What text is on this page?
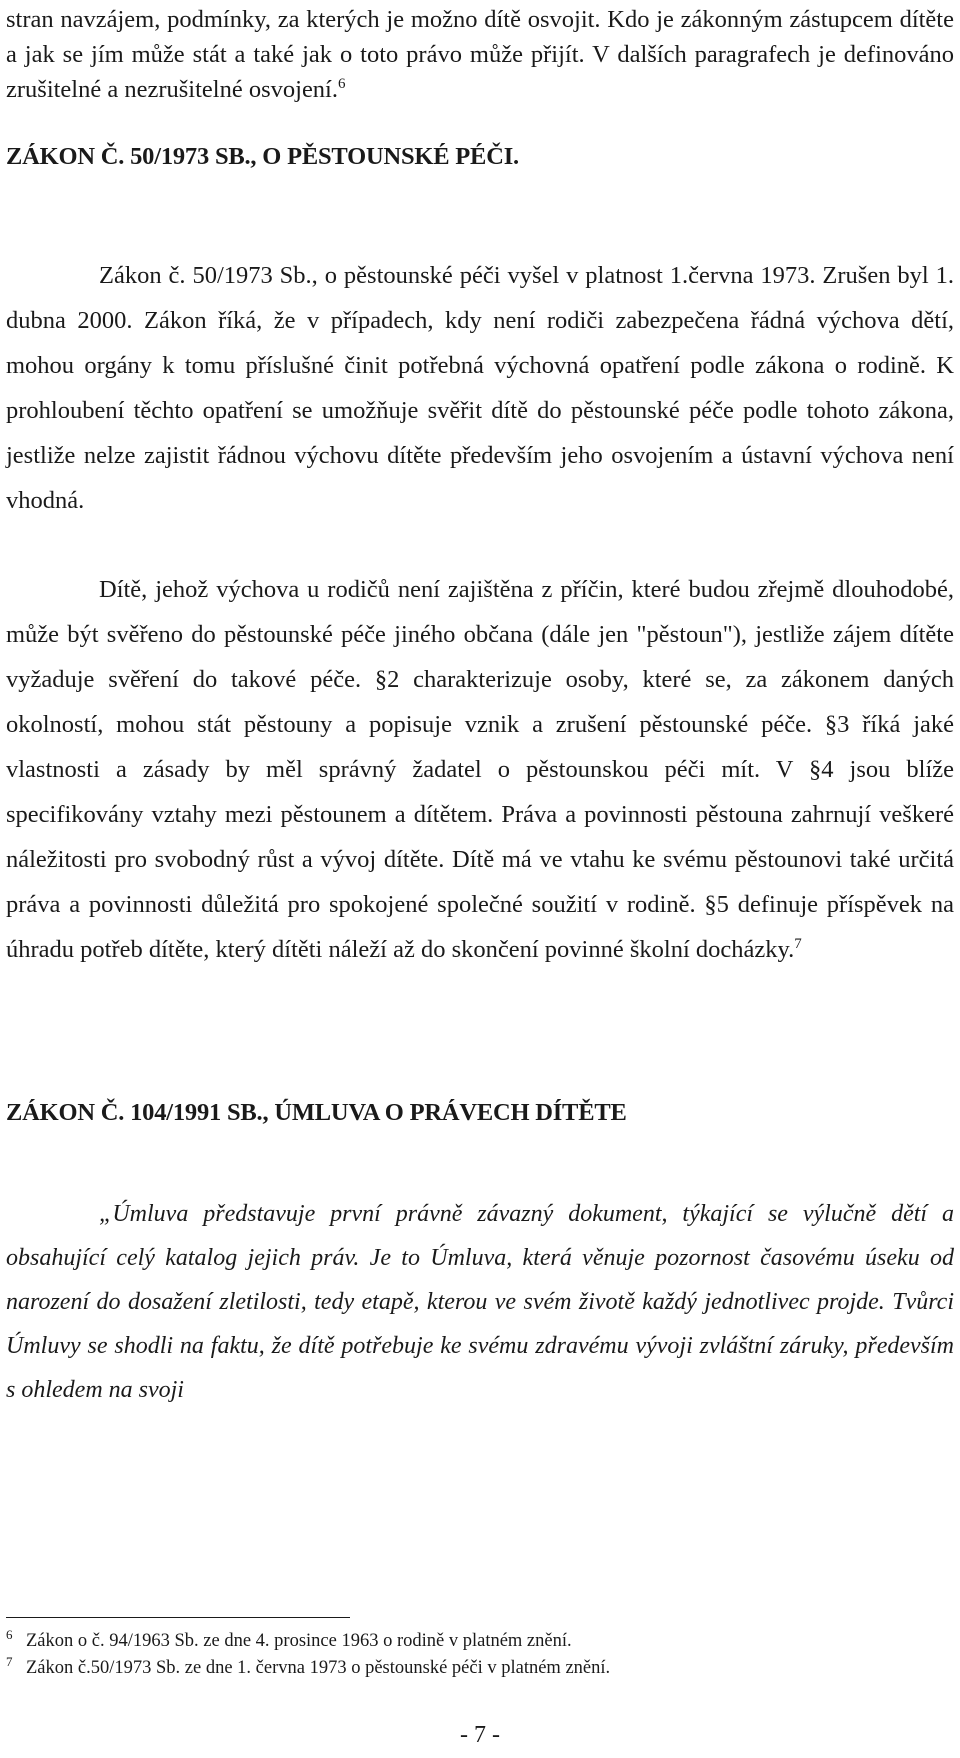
stran navzájem, podmínky, za kterých je možno dítě osvojit. Kdo je zákonným zástupcem dítěte a jak se jím může stát a také jak o toto právo může přijít. V dalších paragrafech je definováno zrušitelné a nezrušitelné osvojení.$^6$

ZÁKON Č. 50/1973 SB., O PĚSTOUNSKÉ PÉČI.

Zákon č. 50/1973 Sb., o pěstounské péči vyšel v platnost 1.června 1973. Zrušen byl 1. dubna 2000. Zákon říká, že v případech, kdy není rodiči zabezpečena řádná výchova dětí, mohou orgány k tomu příslušné činit potřebná výchovná opatření podle zákona o rodině. K prohloubení těchto opatření se umožňuje svěřit dítě do pěstounské péče podle tohoto zákona, jestliže nelze zajistit řádnou výchovu dítěte především jeho osvojením a ústavní výchova není vhodná.

Dítě, jehož výchova u rodičů není zajištěna z příčin, které budou zřejmě dlouhodobé, může být svěřeno do pěstounské péče jiného občana (dále jen "pěstoun"), jestliže zájem dítěte vyžaduje svěření do takové péče. §2 charakterizuje osoby, které se, za zákonem daných okolností, mohou stát pěstouny a popisuje vznik a zrušení pěstounské péče. §3 říká jaké vlastnosti a zásady by měl správný žadatel o pěstounskou péči mít. V §4 jsou blíže specifikovány vztahy mezi pěstounem a dítětem. Práva a povinnosti pěstouna zahrnují veškeré náležitosti pro svobodný růst a vývoj dítěte. Dítě má ve vtahu ke svému pěstounovi také určitá práva a povinnosti důležitá pro spokojené společné soužití v rodině. §5 definuje příspěvek na úhradu potřeb dítěte, který dítěti náleží až do skončení povinné školní docházky.$^7$

ZÁKON Č. 104/1991 SB., ÚMLUVA O PRÁVECH DÍTĚTE

„Úmluva představuje první právně závazný dokument, týkající se výlučně dětí a obsahující celý katalog jejich práv. Je to Úmluva, která věnuje pozornost časovému úseku od narození do dosažení zletilosti, tedy etapě, kterou ve svém životě každý jednotlivec projde. Tvůrci Úmluvy se shodli na faktu, že dítě potřebuje ke svému zdravému vývoji zvláštní záruky, především s ohledem na svoji

6 Zákon o č. 94/1963 Sb. ze dne 4. prosince 1963 o rodině v platném znění.

7 Zákon č.50/1973 Sb. ze dne 1. června 1973 o pěstounské péči v platném znění.

- 7 -
